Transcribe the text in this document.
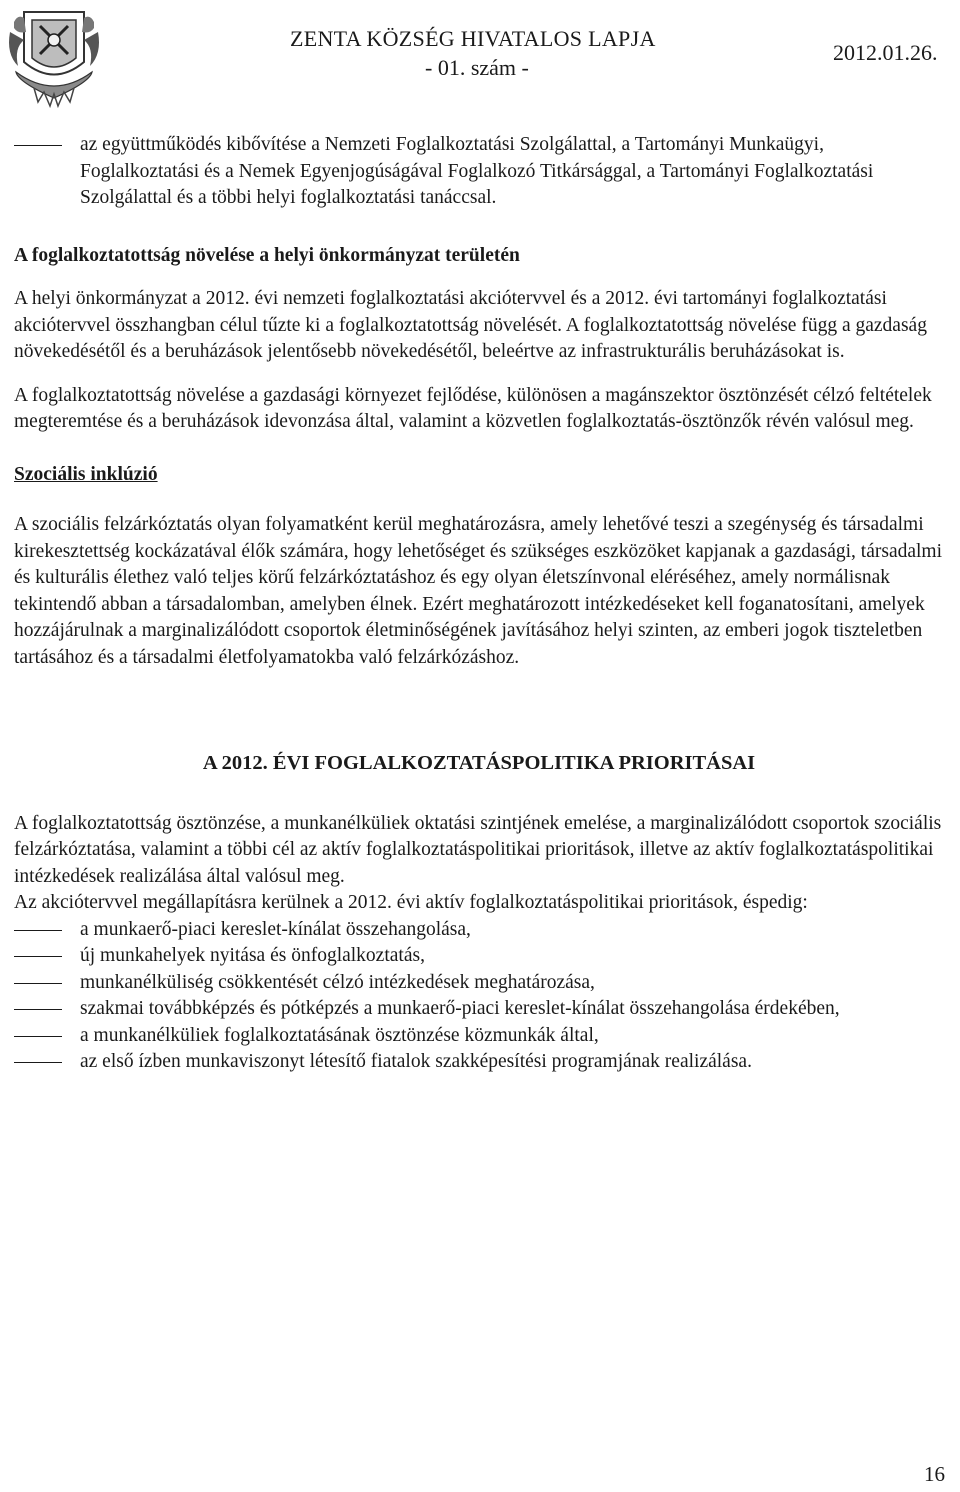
ZENTA KÖZSÉG HIVATALOS LAPJA
2012.01.26.
- 01. szám -

az együttműködés kibővítése a Nemzeti Foglalkoztatási Szolgálattal, a Tartományi Munkaügyi, Foglalkoztatási és a Nemek Egyenjogúságával Foglalkozó Titkársággal, a Tartományi Foglalkoztatási Szolgálattal és a többi helyi foglalkoztatási tanáccsal.

A foglalkoztatottság növelése a helyi önkormányzat területén

A helyi önkormányzat a 2012. évi nemzeti foglalkoztatási akciótervvel és a 2012. évi tartományi foglalkoztatási akciótervvel összhangban célul tűzte ki a foglalkoztatottság növelését. A foglalkoztatottság növelése függ a gazdaság növekedésétől és a beruházások jelentősebb növekedésétől, beleértve az infrastrukturális beruházásokat is.

A foglalkoztatottság növelése a gazdasági környezet fejlődése, különösen a magánszektor ösztönzését célzó feltételek megteremtése és a beruházások idevonzása által, valamint a közvetlen foglalkoztatás-ösztönzők révén valósul meg.

Szociális inklúzió

A szociális felzárkóztatás olyan folyamatként kerül meghatározásra, amely lehetővé teszi a szegénység és társadalmi kirekesztettség kockázatával élők számára, hogy lehetőséget és szükséges eszközöket kapjanak a gazdasági, társadalmi és kulturális élethez való teljes körű felzárkóztatáshoz és egy olyan életszínvonal eléréséhez, amely normálisnak tekintendő abban a társadalomban, amelyben élnek. Ezért meghatározott intézkedéseket kell foganatosítani, amelyek hozzájárulnak a marginalizálódott csoportok életminőségének javításához helyi szinten, az emberi jogok tiszteletben tartásához és a társadalmi életfolyamatokba való felzárkózáshoz.

A 2012. ÉVI FOGLALKOZTATÁSPOLITIKA PRIORITÁSAI

A foglalkoztatottság ösztönzése, a munkanélküliek oktatási szintjének emelése, a marginalizálódott csoportok szociális felzárkóztatása, valamint a többi cél az aktív foglalkoztatáspolitikai prioritások, illetve az aktív foglalkoztatáspolitikai intézkedések realizálása által valósul meg.

Az akciótervvel megállapításra kerülnek a 2012. évi aktív foglalkoztatáspolitikai prioritások, éspedig:

a munkaerő-piaci kereslet-kínálat összehangolása,

új munkahelyek nyitása és önfoglalkoztatás,

munkanélküliség csökkentését célzó intézkedések meghatározása,

szakmai továbbképzés és pótképzés a munkaerő-piaci kereslet-kínálat összehangolása érdekében,

a munkanélküliek foglalkoztatásának ösztönzése közmunkák által,

az első ízben munkaviszonyt létesítő fiatalok szakképesítési programjának realizálása.

16
